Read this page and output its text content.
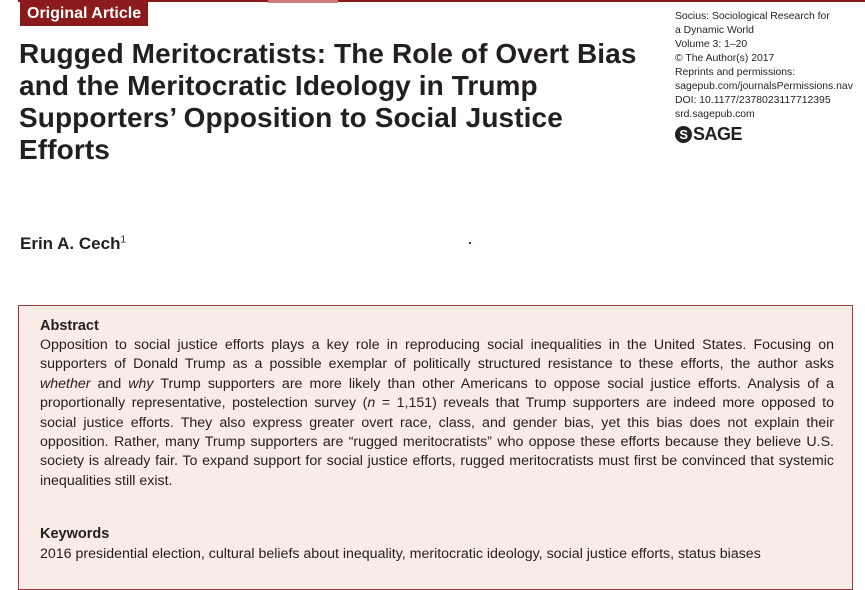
Original Article
Rugged Meritocratists: The Role of Overt Bias and the Meritocratic Ideology in Trump Supporters’ Opposition to Social Justice Efforts
Socius: Sociological Research for
a Dynamic World
Volume 3: 1–20
© The Author(s) 2017
Reprints and permissions:
sagepub.com/journalsPermissions.nav
DOI: 10.1177/2378023117712395
srd.sagepub.com
S SAGE
Erin A. Cech$^1$
Abstract
Opposition to social justice efforts plays a key role in reproducing social inequalities in the United States. Focusing on supporters of Donald Trump as a possible exemplar of politically structured resistance to these efforts, the author asks whether and why Trump supporters are more likely than other Americans to oppose social justice efforts. Analysis of a proportionally representative, postelection survey (n = 1,151) reveals that Trump supporters are indeed more opposed to social justice efforts. They also express greater overt race, class, and gender bias, yet this bias does not explain their opposition. Rather, many Trump supporters are “rugged meritocratists” who oppose these efforts because they believe U.S. society is already fair. To expand support for social justice efforts, rugged meritocratists must first be convinced that systemic inequalities still exist.
Keywords
2016 presidential election, cultural beliefs about inequality, meritocratic ideology, social justice efforts, status biases
